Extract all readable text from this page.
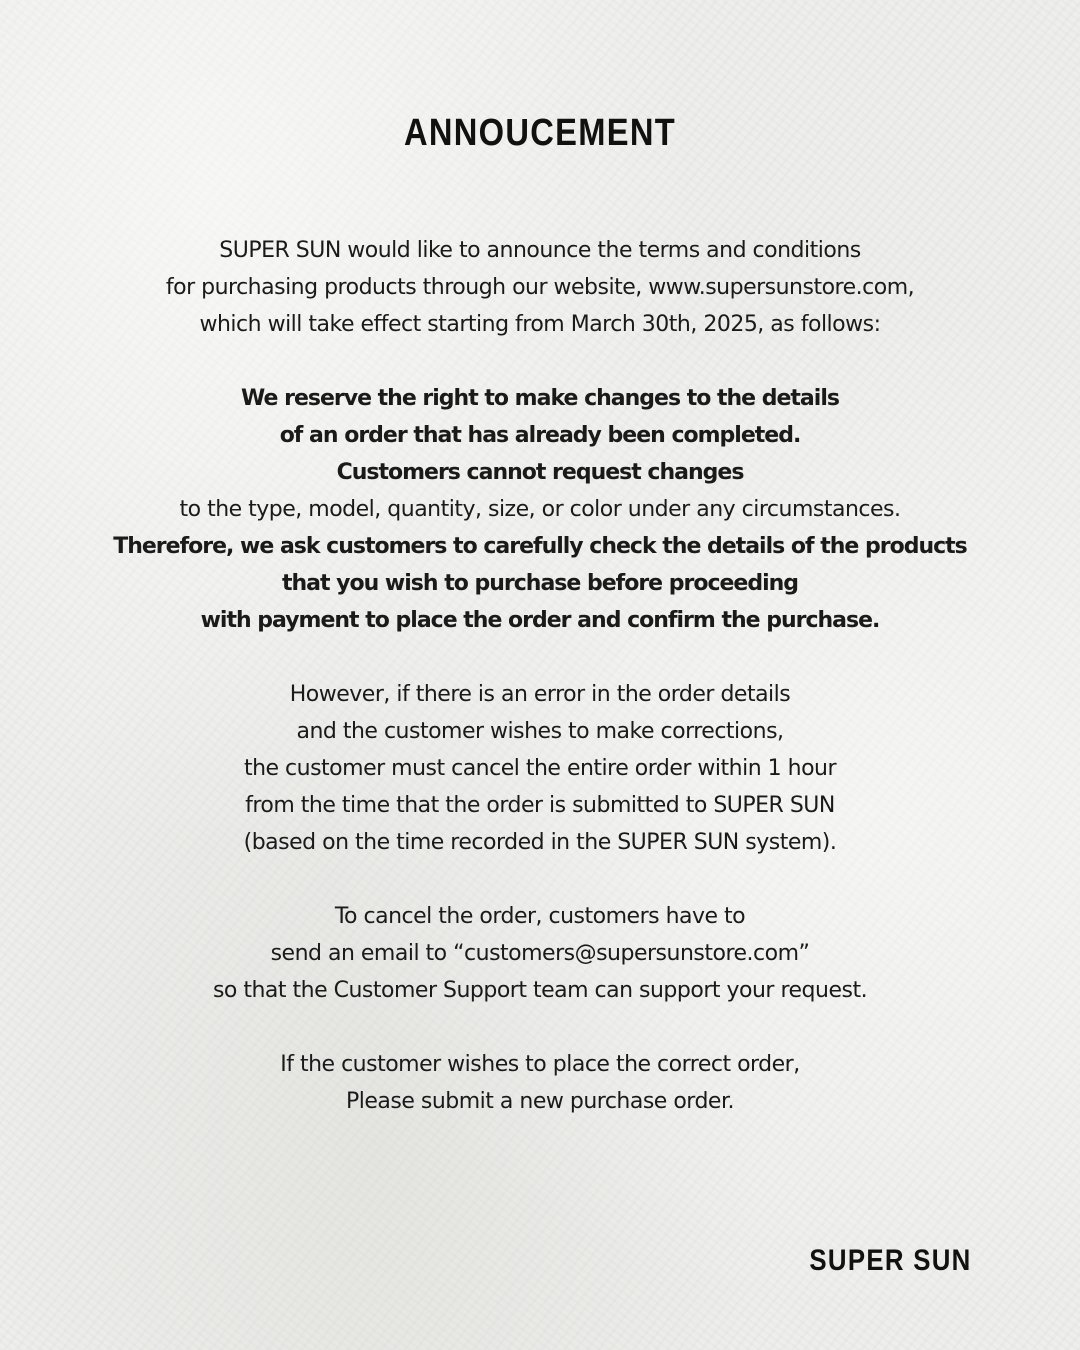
ANNOUCEMENT

SUPER SUN would like to announce the terms and conditions
for purchasing products through our website, www.supersunstore.com,
which will take effect starting from March 30th, 2025, as follows:

We reserve the right to make changes to the details
of an order that has already been completed.
Customers cannot request changes
to the type, model, quantity, size, or color under any circumstances.
Therefore, we ask customers to carefully check the details of the products
that you wish to purchase before proceeding
with payment to place the order and confirm the purchase.

However, if there is an error in the order details
and the customer wishes to make corrections,
the customer must cancel the entire order within 1 hour
from the time that the order is submitted to SUPER SUN
(based on the time recorded in the SUPER SUN system).

To cancel the order, customers have to
send an email to “customers@supersunstore.com”
so that the Customer Support team can support your request.

If the customer wishes to place the correct order,
Please submit a new purchase order.

SUPER SUN
